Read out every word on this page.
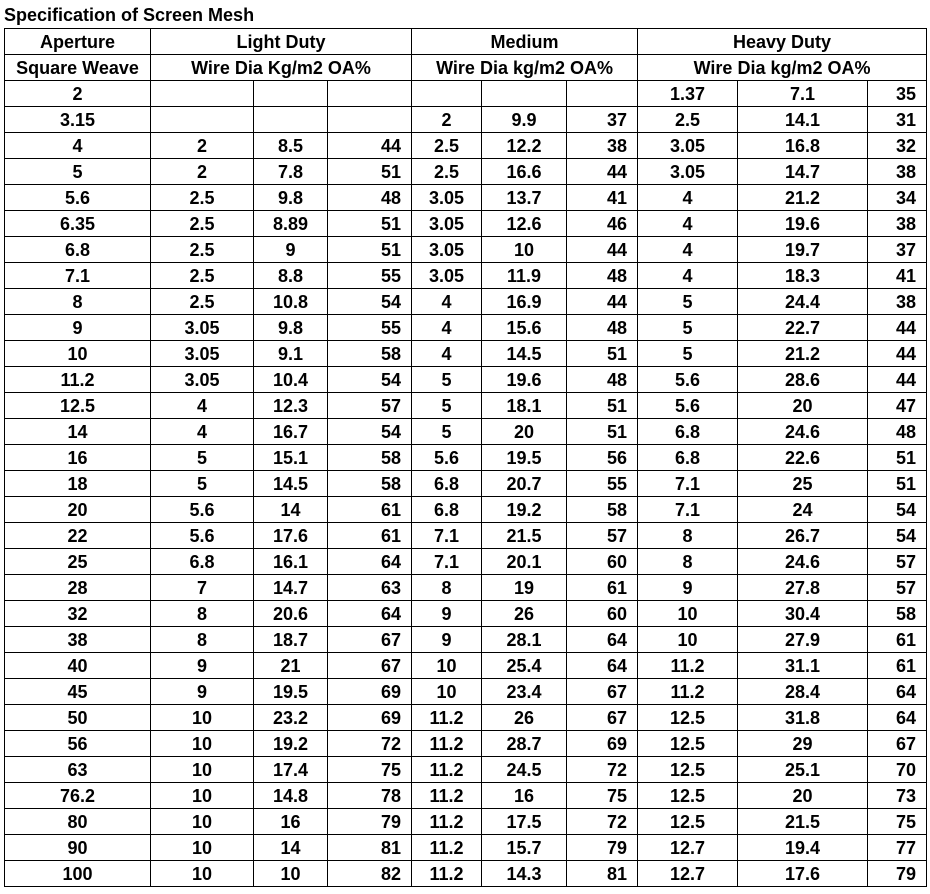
Specification of Screen Mesh
Aperture	Light Duty			Medium			Heavy Duty		
Square Weave	Wire Dia Kg/m2 OA%			Wire Dia kg/m2 OA%			Wire Dia kg/m2 OA%		
2							1.37	7.1	35
3.15				2	9.9	37	2.5	14.1	31
4	2	8.5	44	2.5	12.2	38	3.05	16.8	32
5	2	7.8	51	2.5	16.6	44	3.05	14.7	38
5.6	2.5	9.8	48	3.05	13.7	41	4	21.2	34
6.35	2.5	8.89	51	3.05	12.6	46	4	19.6	38
6.8	2.5	9	51	3.05	10	44	4	19.7	37
7.1	2.5	8.8	55	3.05	11.9	48	4	18.3	41
8	2.5	10.8	54	4	16.9	44	5	24.4	38
9	3.05	9.8	55	4	15.6	48	5	22.7	44
10	3.05	9.1	58	4	14.5	51	5	21.2	44
11.2	3.05	10.4	54	5	19.6	48	5.6	28.6	44
12.5	4	12.3	57	5	18.1	51	5.6	20	47
14	4	16.7	54	5	20	51	6.8	24.6	48
16	5	15.1	58	5.6	19.5	56	6.8	22.6	51
18	5	14.5	58	6.8	20.7	55	7.1	25	51
20	5.6	14	61	6.8	19.2	58	7.1	24	54
22	5.6	17.6	61	7.1	21.5	57	8	26.7	54
25	6.8	16.1	64	7.1	20.1	60	8	24.6	57
28	7	14.7	63	8	19	61	9	27.8	57
32	8	20.6	64	9	26	60	10	30.4	58
38	8	18.7	67	9	28.1	64	10	27.9	61
40	9	21	67	10	25.4	64	11.2	31.1	61
45	9	19.5	69	10	23.4	67	11.2	28.4	64
50	10	23.2	69	11.2	26	67	12.5	31.8	64
56	10	19.2	72	11.2	28.7	69	12.5	29	67
63	10	17.4	75	11.2	24.5	72	12.5	25.1	70
76.2	10	14.8	78	11.2	16	75	12.5	20	73
80	10	16	79	11.2	17.5	72	12.5	21.5	75
90	10	14	81	11.2	15.7	79	12.7	19.4	77
100	10	10	82	11.2	14.3	81	12.7	17.6	79
